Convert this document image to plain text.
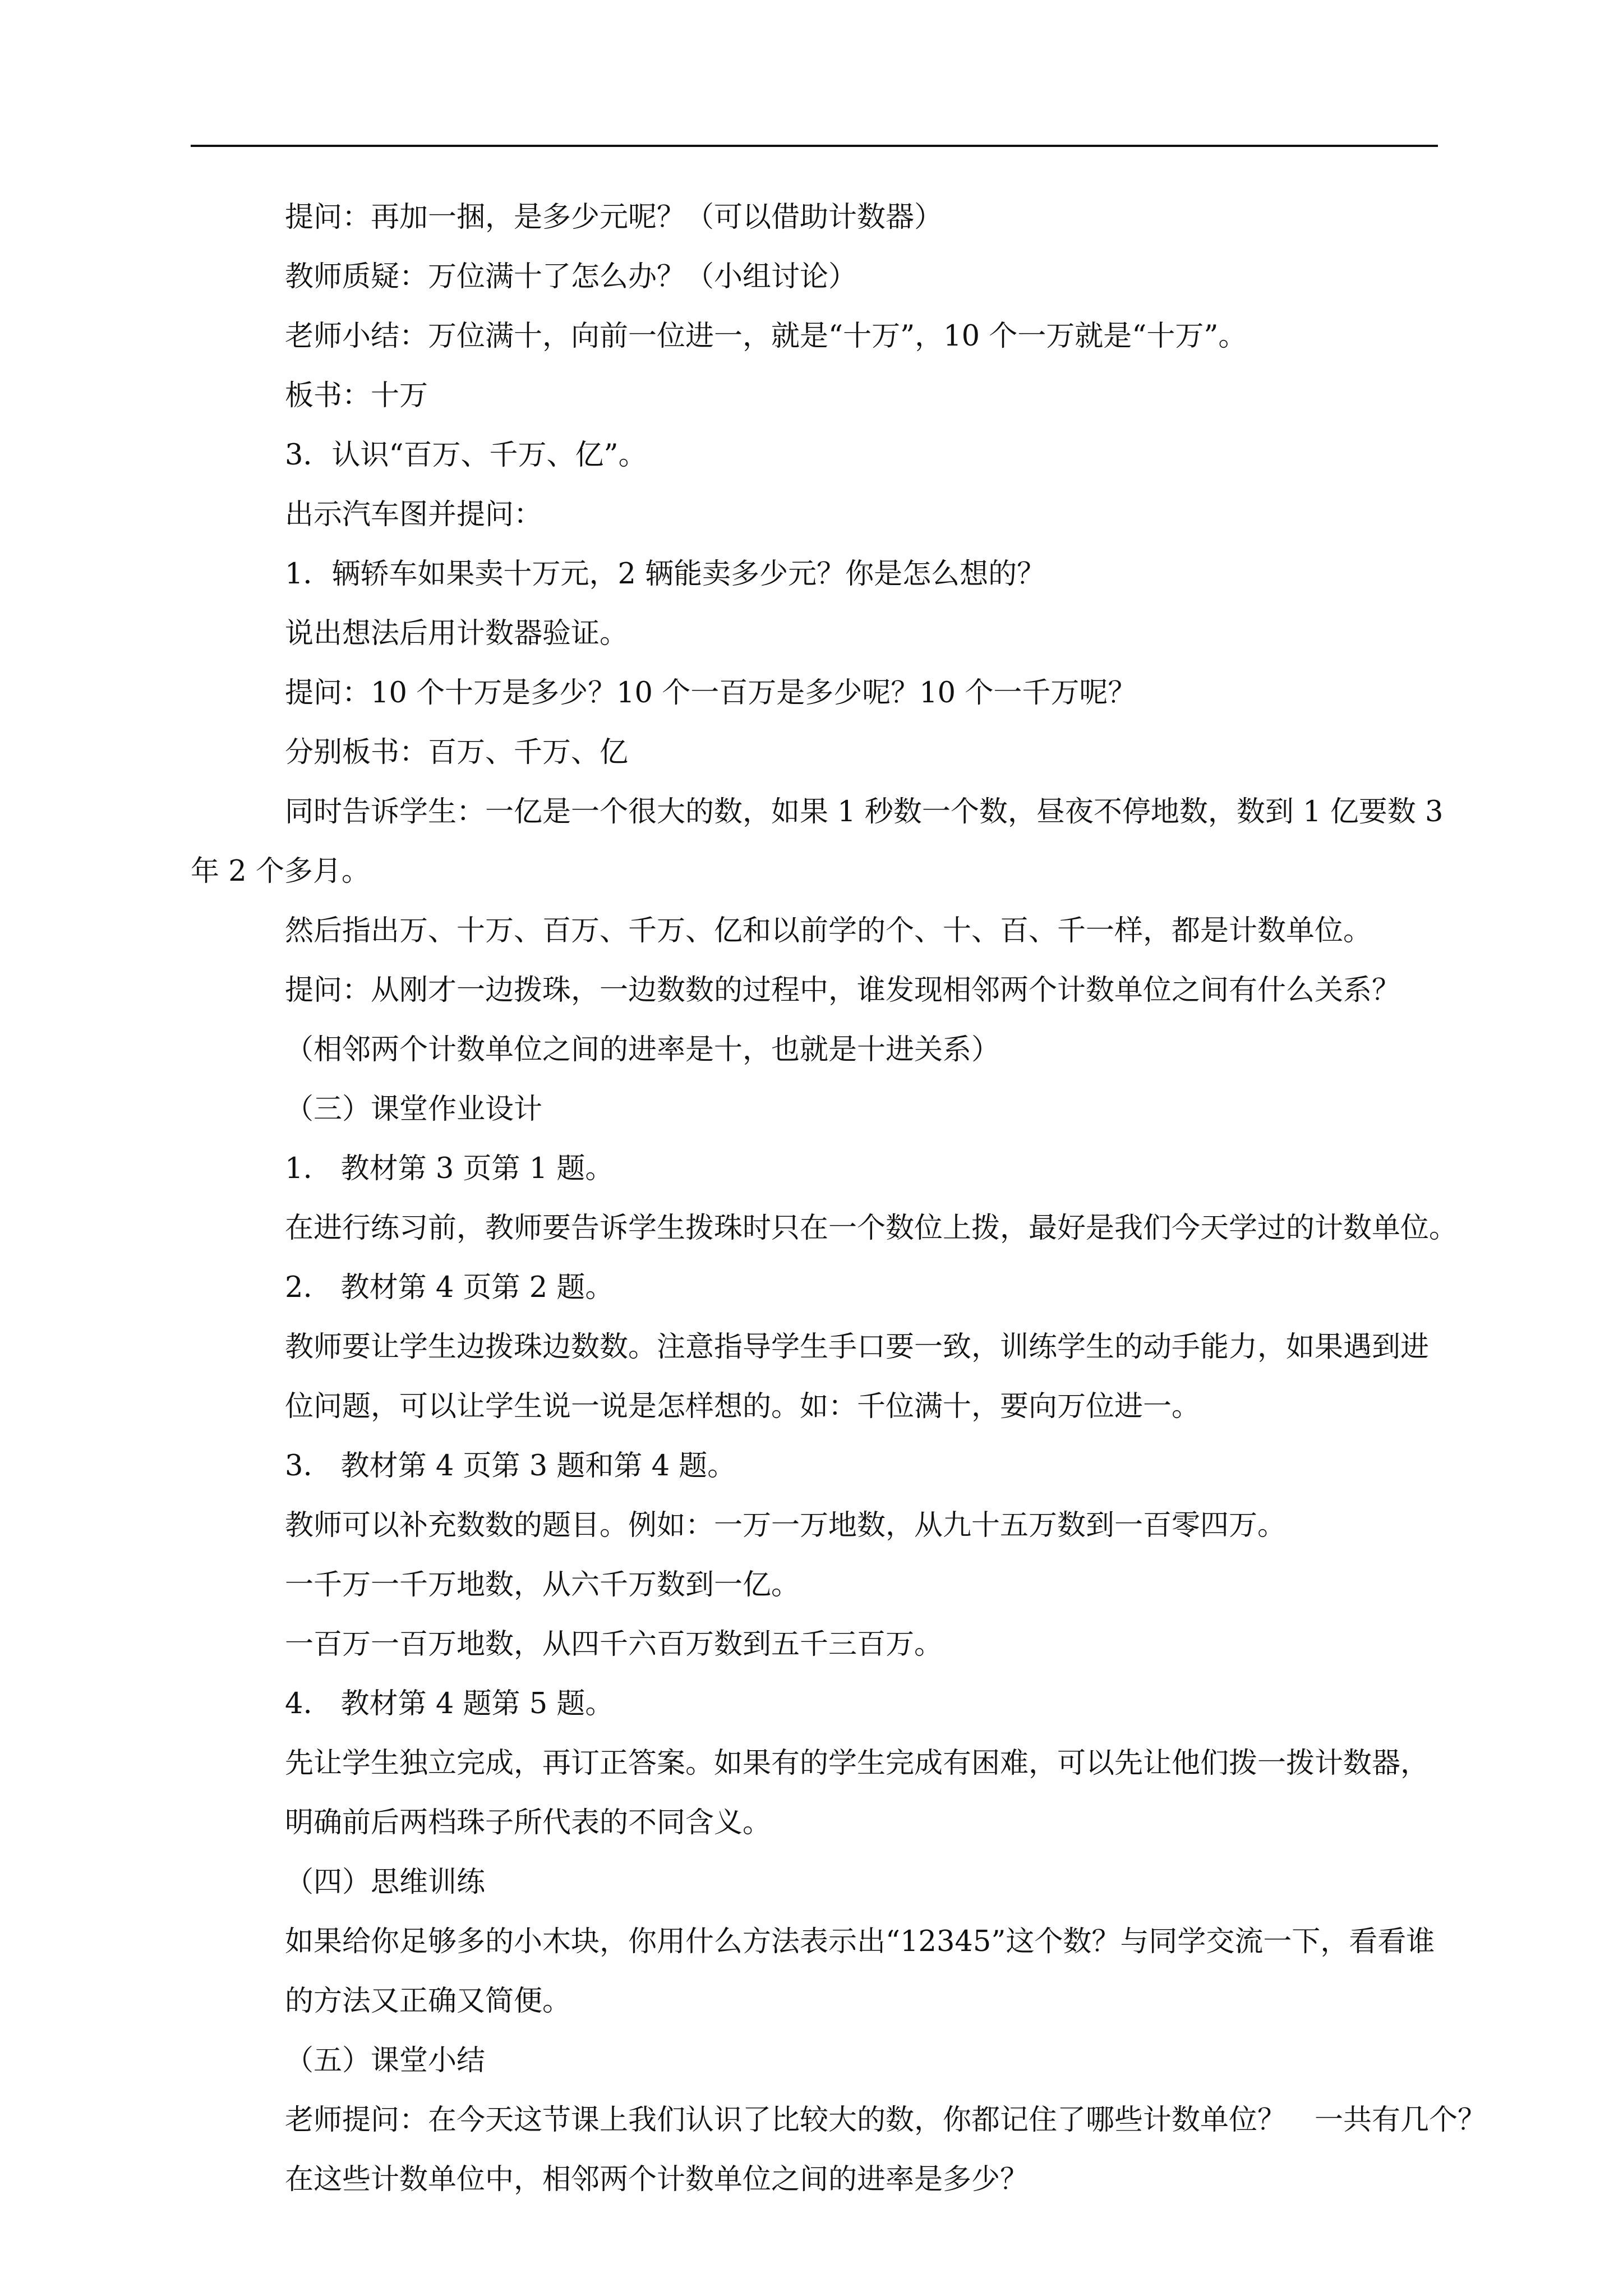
提问：再加一捆，是多少元呢？（可以借助计数器）
教师质疑：万位满十了怎么办？（小组讨论）
老师小结：万位满十，向前一位进一，就是“十万”，10 个一万就是“十万”。
板书：十万
3．认识“百万、千万、亿”。
出示汽车图并提问：
1．辆轿车如果卖十万元，2 辆能卖多少元？你是怎么想的？
说出想法后用计数器验证。
提问：10 个十万是多少？10 个一百万是多少呢？10 个一千万呢？
分别板书：百万、千万、亿
同时告诉学生：一亿是一个很大的数，如果 1 秒数一个数，昼夜不停地数，数到 1 亿要数 3
年 2 个多月。
然后指出万、十万、百万、千万、亿和以前学的个、十、百、千一样，都是计数单位。
提问：从刚才一边拨珠，一边数数的过程中，谁发现相邻两个计数单位之间有什么关系？
（相邻两个计数单位之间的进率是十，也就是十进关系）
（三）课堂作业设计
1.　教材第 3 页第 1 题。
在进行练习前，教师要告诉学生拨珠时只在一个数位上拨，最好是我们今天学过的计数单位。
2.　教材第 4 页第 2 题。
教师要让学生边拨珠边数数。注意指导学生手口要一致，训练学生的动手能力，如果遇到进
位问题，可以让学生说一说是怎样想的。如：千位满十，要向万位进一。
3.　教材第 4 页第 3 题和第 4 题。
教师可以补充数数的题目。例如：一万一万地数，从九十五万数到一百零四万。
一千万一千万地数，从六千万数到一亿。
一百万一百万地数，从四千六百万数到五千三百万。
4.　教材第 4 题第 5 题。
先让学生独立完成，再订正答案。如果有的学生完成有困难，可以先让他们拨一拨计数器，
明确前后两档珠子所代表的不同含义。
（四）思维训练
如果给你足够多的小木块，你用什么方法表示出“12345”这个数？与同学交流一下，看看谁
的方法又正确又简便。
（五）课堂小结
老师提问：在今天这节课上我们认识了比较大的数，你都记住了哪些计数单位？　一共有几个？
在这些计数单位中，相邻两个计数单位之间的进率是多少？
